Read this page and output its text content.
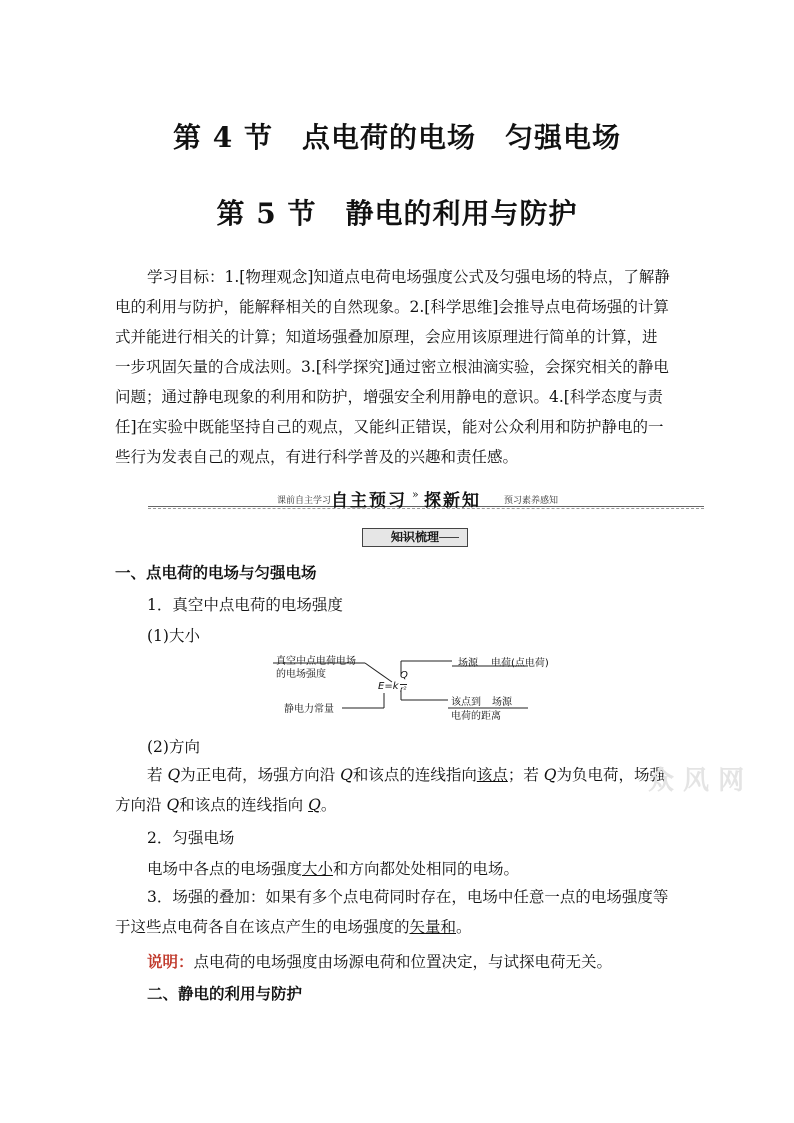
第 4 节　点电荷的电场　匀强电场
第 5 节　静电的利用与防护
学习目标：1.[物理观念]知道点电荷电场强度公式及匀强电场的特点，了解静
电的利用与防护，能解释相关的自然现象。2.[科学思维]会推导点电荷场强的计算
式并能进行相关的计算；知道场强叠加原理，会应用该原理进行简单的计算，进
一步巩固矢量的合成法则。3.[科学探究]通过密立根油滴实验，会探究相关的静电
问题；通过静电现象的利用和防护，增强安全利用静电的意识。4.[科学态度与责
任]在实验中既能坚持自己的观点，又能纠正错误，能对公众利用和防护静电的一
些行为发表自己的观点，有进行科学普及的兴趣和责任感。
课前自主学习 自主预习 » 探新知	预习素养感知
知识梳理
一、点电荷的电场与匀强电场
1．真空中点电荷的电场强度
(1)大小
真空中点电荷电场
的电场强度
E=k
Q
r²
静电力常量
场源 电荷(点电荷)
该点到 场源
电荷的距离
(2)方向
若 Q为正电荷，场强方向沿 Q和该点的连线指向该点；若 Q为负电荷，场强
方向沿 Q和该点的连线指向 Q。
2．匀强电场
电场中各点的电场强度大小和方向都处处相同的电场。
3．场强的叠加：如果有多个点电荷同时存在，电场中任意一点的电场强度等
于这些点电荷各自在该点产生的电场强度的矢量和。
说明：点电荷的电场强度由场源电荷和位置决定，与试探电荷无关。
二、静电的利用与防护
众 风 网
